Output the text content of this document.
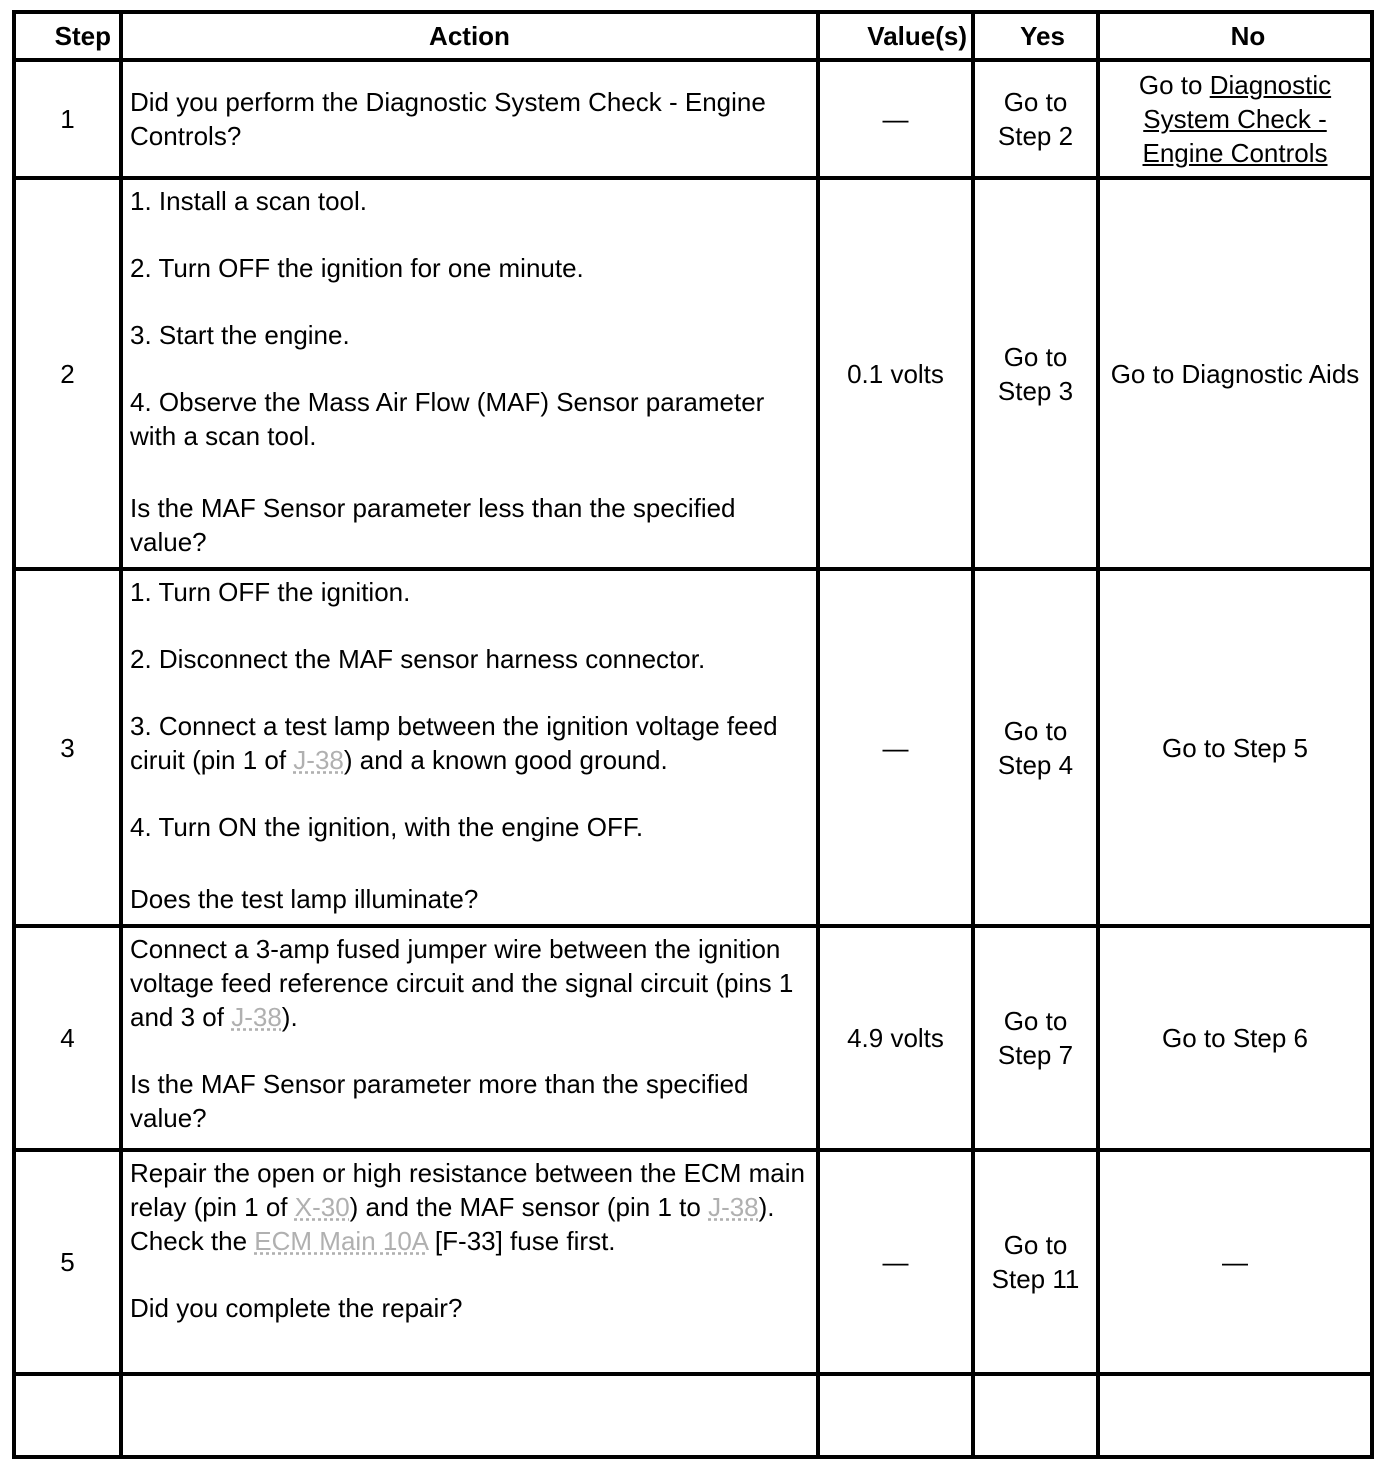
Step	Action	Value(s)	Yes	No
1	Did you perform the Diagnostic System Check - Engine Controls?	—	Go to Step 2	Go to Diagnostic System Check - Engine Controls
2	1. Install a scan tool.

2. Turn OFF the ignition for one minute.

3. Start the engine.

4. Observe the Mass Air Flow (MAF) Sensor parameter with a scan tool.

Is the MAF Sensor parameter less than the specified value?	0.1 volts	Go to Step 3	Go to Diagnostic Aids
3	1. Turn OFF the ignition.

2. Disconnect the MAF sensor harness connector.

3. Connect a test lamp between the ignition voltage feed ciruit (pin 1 of J-38) and a known good ground.

4. Turn ON the ignition, with the engine OFF.

Does the test lamp illuminate?	—	Go to Step 4	Go to Step 5
4	Connect a 3-amp fused jumper wire between the ignition voltage feed reference circuit and the signal circuit (pins 1 and 3 of J-38).

Is the MAF Sensor parameter more than the specified value?	4.9 volts	Go to Step 7	Go to Step 6
5	Repair the open or high resistance between the ECM main relay (pin 1 of X-30) and the MAF sensor (pin 1 to J-38). Check the ECM Main 10A [F-33] fuse first.

Did you complete the repair?	—	Go to Step 11	—
